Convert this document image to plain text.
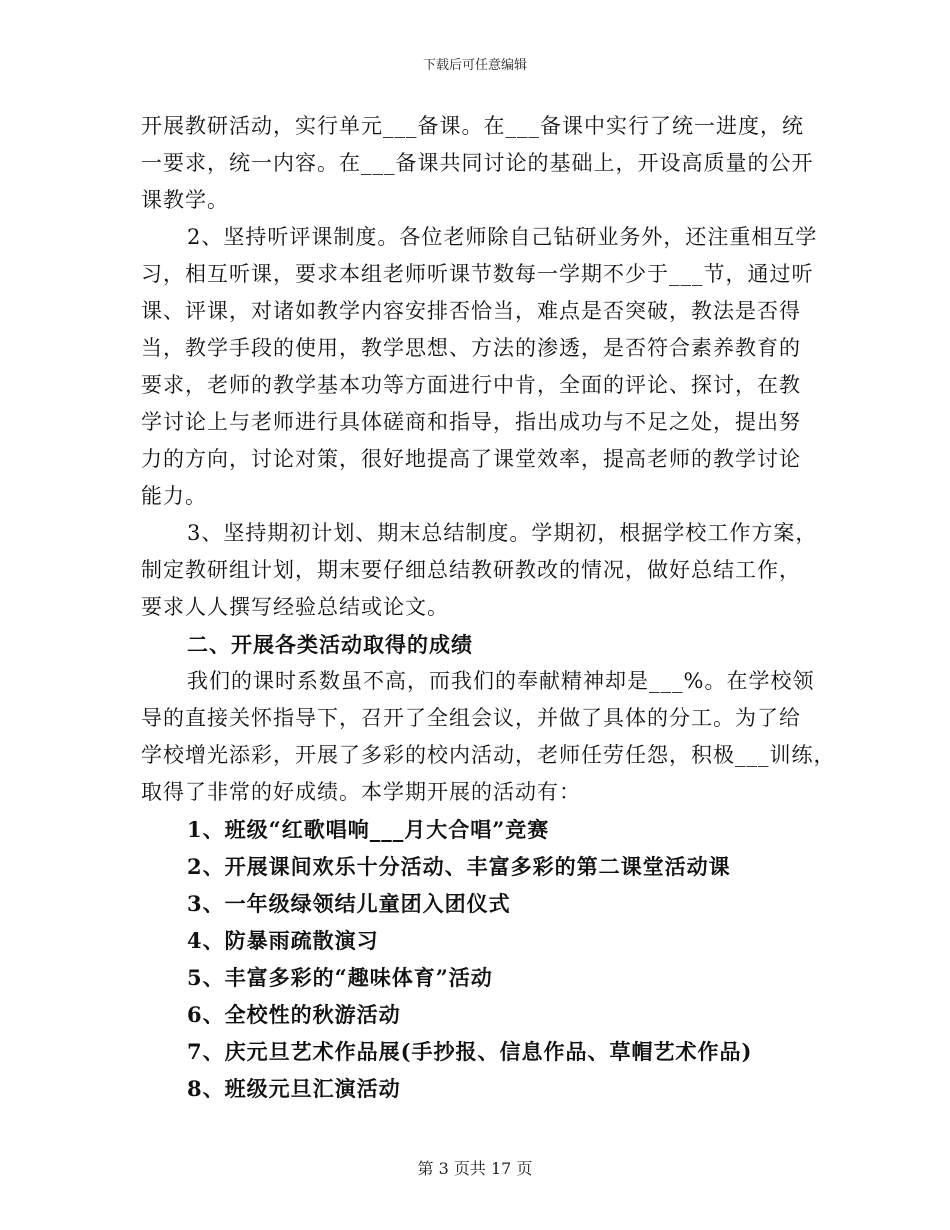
下载后可任意编辑
开展教研活动，实行单元___备课。在___备课中实行了统一进度，统
一要求，统一内容。在___备课共同讨论的基础上，开设高质量的公开
课教学。
2、坚持听评课制度。各位老师除自己钻研业务外，还注重相互学
习，相互听课，要求本组老师听课节数每一学期不少于___节，通过听
课、评课，对诸如教学内容安排否恰当，难点是否突破，教法是否得
当，教学手段的使用，教学思想、方法的渗透，是否符合素养教育的
要求，老师的教学基本功等方面进行中肯，全面的评论、探讨，在教
学讨论上与老师进行具体磋商和指导，指出成功与不足之处，提出努
力的方向，讨论对策，很好地提高了课堂效率，提高老师的教学讨论
能力。
3、坚持期初计划、期末总结制度。学期初，根据学校工作方案，
制定教研组计划，期末要仔细总结教研教改的情况，做好总结工作，
要求人人撰写经验总结或论文。
二、开展各类活动取得的成绩
我们的课时系数虽不高，而我们的奉献精神却是___%。在学校领
导的直接关怀指导下，召开了全组会议，并做了具体的分工。为了给
学校增光添彩，开展了多彩的校内活动，老师任劳任怨，积极___训练，
取得了非常的好成绩。本学期开展的活动有：
1、班级“红歌唱响___月大合唱”竞赛
2、开展课间欢乐十分活动、丰富多彩的第二课堂活动课
3、一年级绿领结儿童团入团仪式
4、防暴雨疏散演习
5、丰富多彩的“趣味体育”活动
6、全校性的秋游活动
7、庆元旦艺术作品展(手抄报、信息作品、草帽艺术作品)
8、班级元旦汇演活动
第 3 页共 17 页
